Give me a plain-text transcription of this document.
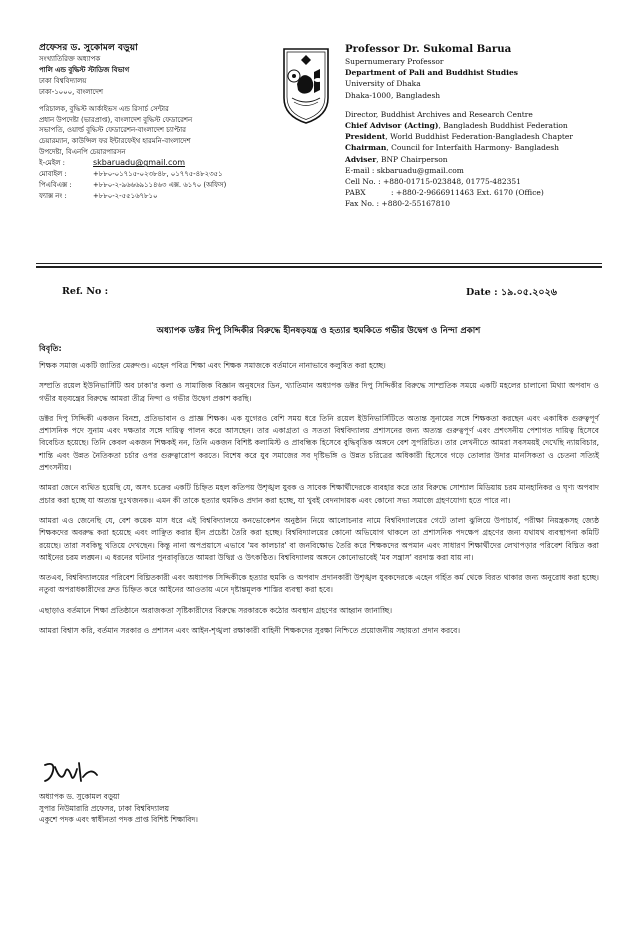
প্রফেসর ড. সুকোমল বড়ুয়া
সংখ্যাতিরিক্ত অধ্যাপক
পালি এন্ড বুদ্ধিস্ট স্টাডিজ বিভাগ
ঢাকা বিশ্ববিদ্যালয়
ঢাকা-১০০০, বাংলাদেশ
পরিচালক, বুদ্ধিস্ট আর্কাইভস এন্ড রিসার্চ সেন্টার
প্রধান উপদেষ্টা (ভারপ্রাপ্ত), বাংলাদেশ বুদ্ধিস্ট ফেডারেশন
সভাপতি, ওয়ার্ল্ড বুদ্ধিস্ট ফেডারেশন-বাংলাদেশ চ্যাপ্টার
চেয়ারম্যান, কাউন্সিল ফর ইন্টারফেইথ হারমনি-বাংলাদেশ
উপদেষ্টা, বিএনপি চেয়ারপারসন
ই-মেইল :	skbaruadu@gmail.com
মোবাইল :	+৮৮০-০১৭১৫-০২৩৮৪৮, ০১৭৭৫-৪৮২৩৫১
পিএবিএক্স :	+৮৮০-২-৯৬৬৬৯১১৪৬৩ এক্স. ৬১৭০ (অফিস)
ফ্যাক্স নং :	+৮৮০-২-৫৫১৬৭৮১০
Professor Dr. Sukomal Barua
Supernumerary Professor
Department of Pali and Buddhist Studies
University of Dhaka
Dhaka-1000, Bangladesh
Director, Buddhist Archives and Research Centre
Chief Advisor (Acting), Bangladesh Buddhist Federation
President, World Buddhist Federation-Bangladesh Chapter
Chairman, Council for Interfaith Harmony- Bangladesh
Adviser, BNP Chairperson
E-mail : skbaruadu@gmail.com
Cell No. : +880-01715-023848, 01775-482351
PABX	: +880-2-9666911463 Ext. 6170 (Office)
Fax No. : +880-2-55167810
Ref. No :	Date : ১৯.০৫.২০২৬
অধ্যাপক ডক্টর দিপু সিদ্দিকীর বিরুদ্ধে হীনষড়যন্ত্র ও হত্যার হুমকিতে গভীর উদ্বেগ ও নিন্দা প্রকাশ
বিবৃতি:

শিক্ষক সমাজ একটি জাতির মেরুদণ্ড। এহেন পবিত্র শিক্ষা এবং শিক্ষক সমাজকে বর্তমানে নানাভাবে কলুষিত করা হচ্ছে।

সম্প্রতি রয়েল ইউনিভার্সিটি অব ঢাকা'র কলা ও সামাজিক বিজ্ঞান অনুষদের ডিন, খ্যাতিমান অধ্যাপক ডক্টর দিপু সিদ্দিকীর বিরুদ্ধে সাম্প্রতিক সময়ে একটি মহলের চালানো মিথ্যা অপবাদ ও গভীর ষড়যন্ত্রের বিরুদ্ধে আমরা তীব্র নিন্দা ও গভীর উদ্বেগ প্রকাশ করছি।

ডক্টর দিপু সিদ্দিকী একজন বিনম্র, প্রতিভাবান ও প্রাজ্ঞ শিক্ষক। এক যুগেরও বেশি সময় ধরে তিনি রয়েল ইউনিভার্সিটিতে অত্যন্ত সুনামের সঙ্গে শিক্ষকতা করছেন এবং একাধিক গুরুত্বপূর্ণ প্রশাসনিক পদে সুনাম এবং দক্ষতার সঙ্গে দায়িত্ব পালন করে আসছেন। তার একাগ্রতা ও সততা বিশ্ববিদ্যালয় প্রশাসনের জন্য অত্যন্ত গুরুত্বপূর্ণ এবং প্রশংসনীয় পেশাগত দায়িত্ব হিসেবে বিবেচিত হয়েছে। তিনি কেবল একজন শিক্ষকই নন, তিনি একজন বিশিষ্ট কলামিস্ট ও প্রাবন্ধিক হিসেবে বুদ্ধিবৃত্তিক অঙ্গনে বেশ সুপরিচিত। তার লেখনীতে আমরা সবসময়ই দেখেছি ন্যায়বিচার, শান্তি এবং উন্নত নৈতিকতা চর্চার ওপর গুরুত্বারোপ করতে। বিশেষ করে যুব সমাজের সব দৃষ্টিভঙ্গি ও উন্নত চরিত্রের অধিকারী হিসেবে গড়ে তোলার উদার মানসিকতা ও চেতনা সত্যিই প্রশংসনীয়।

আমরা জেনে ব্যথিত হয়েছি যে, অসৎ চক্রের একটি চিহ্নিত মহল কতিপয় উশৃঙ্খল যুবক ও সাবেক শিক্ষার্থীদেরকে ব্যবহার করে তার বিরুদ্ধে সোশ্যাল মিডিয়ায় চরম মানহানিকর ও ঘৃণ্য অপবাদ প্রচার করা হচ্ছে যা অত্যন্ত দুঃখজনক।। এমন কী তাকে হত্যার হুমকিও প্রদান করা হচ্ছে, যা খুবই বেদনাদায়ক এবং কোনো সভ্য সমাজে গ্রহণযোগ্য হতে পারে না।

আমরা এও জেনেছি যে, বেশ কয়েক মাস ধরে এই বিশ্ববিদ্যালয়ে কনভোকেশন অনুষ্ঠান নিয়ে আলোচনার নামে বিশ্ববিদ্যালয়ের গেটে তালা ঝুলিয়ে উপাচার্য, পরীক্ষা নিয়ন্ত্রকসহ জ্যেষ্ঠ শিক্ষকদের অবরুদ্ধ করা হয়েছে এবং লাঞ্ছিত করার হীন প্রচেষ্টা তৈরি করা হচ্ছে। বিশ্ববিদ্যালয়ের কোনো অভিযোগ থাকলে তা প্রশাসনিক পদক্ষেপ গ্রহণের জন্য যথাযথ ব্যবস্থাপনা কমিটি রয়েছে। তারা সবকিছু খতিয়ে দেখছেন। কিন্তু নানা অপপ্রয়াসে এভাবে 'মব কালচার' বা জনবিক্ষোভ তৈরি করে শিক্ষকদের অপমান এবং সাধারণ শিক্ষার্থীদের লেখাপড়ার পরিবেশ বিঘ্নিত করা আইনের চরম লঙ্ঘন। এ ধরনের ঘটনার পুনরাবৃত্তিতে আমরা উদ্বিগ্ন ও উৎকণ্ঠিত। বিশ্ববিদ্যালয় অঙ্গনে কোনোভাবেই 'মব সন্ত্রাস' বরদাস্ত করা যায় না।

অতএব, বিশ্ববিদ্যালয়ের পরিবেশ বিঘ্নিতকারী এবং অধ্যাপক সিদ্দিকীকে হত্যার হুমকি ও অপবাদ প্রদানকারী উশৃঙ্খল যুবকদেরকে এহেন গর্হিত কর্ম থেকে বিরত থাকার জন্য অনুরোধ করা হচ্ছে। নতুবা অপরাধকারীদের দ্রুত চিহ্নিত করে আইনের আওতায় এনে দৃষ্টান্তমূলক শাস্তির ব্যবস্থা করা হবে।

এছাড়াও বর্তমানে শিক্ষা প্রতিষ্ঠানে অরাজকতা সৃষ্টিকারীদের বিরুদ্ধে সরকারকে কঠোর অবস্থান গ্রহণের আহ্বান জানাচ্ছি।

আমরা বিশ্বাস করি, বর্তমান সরকার ও প্রশাসন এবং আইন-শৃঙ্খলা রক্ষাকারী বাহিনী শিক্ষকদের সুরক্ষা নিশ্চিতে প্রয়োজনীয় সহায়তা প্রদান করবে।

অধ্যাপক ড. সুকোমল বড়ুয়া
সুপার নিউমারারি প্রফেসর, ঢাকা বিশ্ববিদ্যালয়
একুশে পদক এবং স্বাধীনতা পদক প্রাপ্ত বিশিষ্ট শিক্ষাবিদ।
